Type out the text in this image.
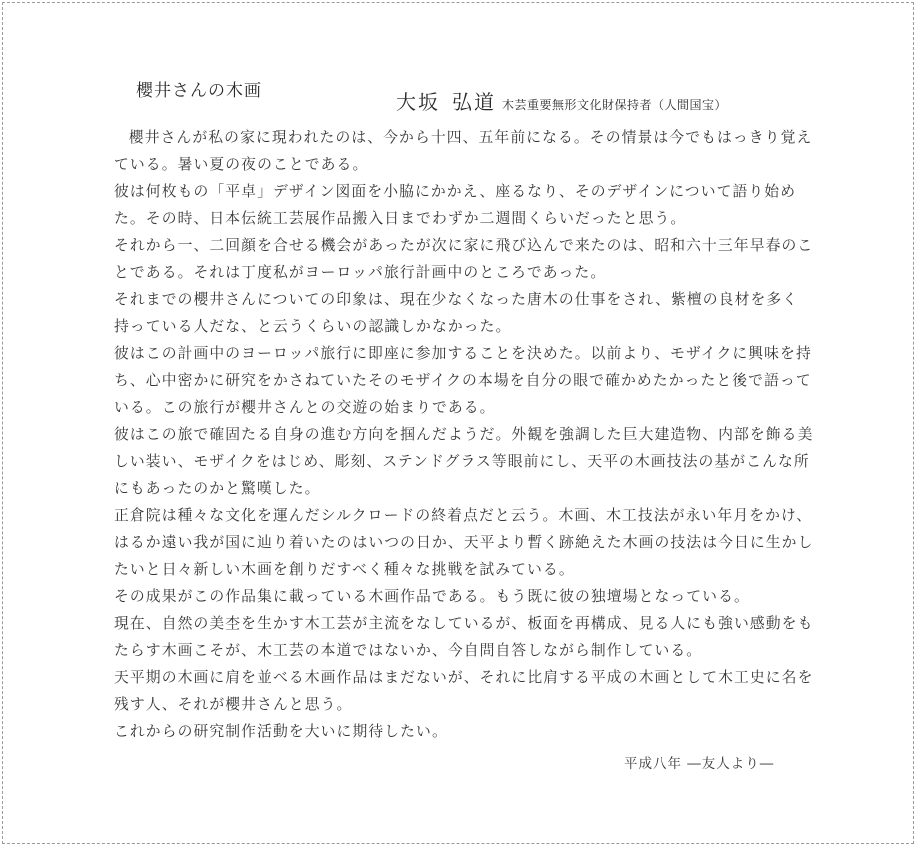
櫻井さんの木画	大坂 弘道 木芸重要無形文化財保持者（人間国宝）

櫻井さんが私の家に現われたのは、今から十四、五年前になる。その情景は今でもはっきり覚えている。暑い夏の夜のことである。

彼は何枚もの「平卓」デザイン図面を小脇にかかえ、座るなり、そのデザインについて語り始めた。その時、日本伝統工芸展作品搬入日までわずか二週間くらいだったと思う。

それから一、二回顔を合せる機会があったが次に家に飛び込んで来たのは、昭和六十三年早春のことである。それは丁度私がヨーロッパ旅行計画中のところであった。

それまでの櫻井さんについての印象は、現在少なくなった唐木の仕事をされ、紫檀の良材を多く持っている人だな、と云うくらいの認識しかなかった。

彼はこの計画中のヨーロッパ旅行に即座に参加することを決めた。以前より、モザイクに興味を持ち、心中密かに研究をかさねていたそのモザイクの本場を自分の眼で確かめたかったと後で語っている。この旅行が櫻井さんとの交遊の始まりである。

彼はこの旅で確固たる自身の進む方向を掴んだようだ。外観を強調した巨大建造物、内部を飾る美しい装い、モザイクをはじめ、彫刻、ステンドグラス等眼前にし、天平の木画技法の基がこんな所にもあったのかと驚嘆した。

正倉院は種々な文化を運んだシルクロードの終着点だと云う。木画、木工技法が永い年月をかけ、はるか遠い我が国に辿り着いたのはいつの日か、天平より暫く跡絶えた木画の技法は今日に生かしたいと日々新しい木画を創りだすべく種々な挑戦を試みている。

その成果がこの作品集に載っている木画作品である。もう既に彼の独壇場となっている。

現在、自然の美杢を生かす木工芸が主流をなしているが、板面を再構成、見る人にも強い感動をもたらす木画こそが、木工芸の本道ではないか、今自問自答しながら制作している。

天平期の木画に肩を並べる木画作品はまだないが、それに比肩する平成の木画として木工史に名を残す人、それが櫻井さんと思う。

これからの研究制作活動を大いに期待したい。

平成八年 ―友人より―
